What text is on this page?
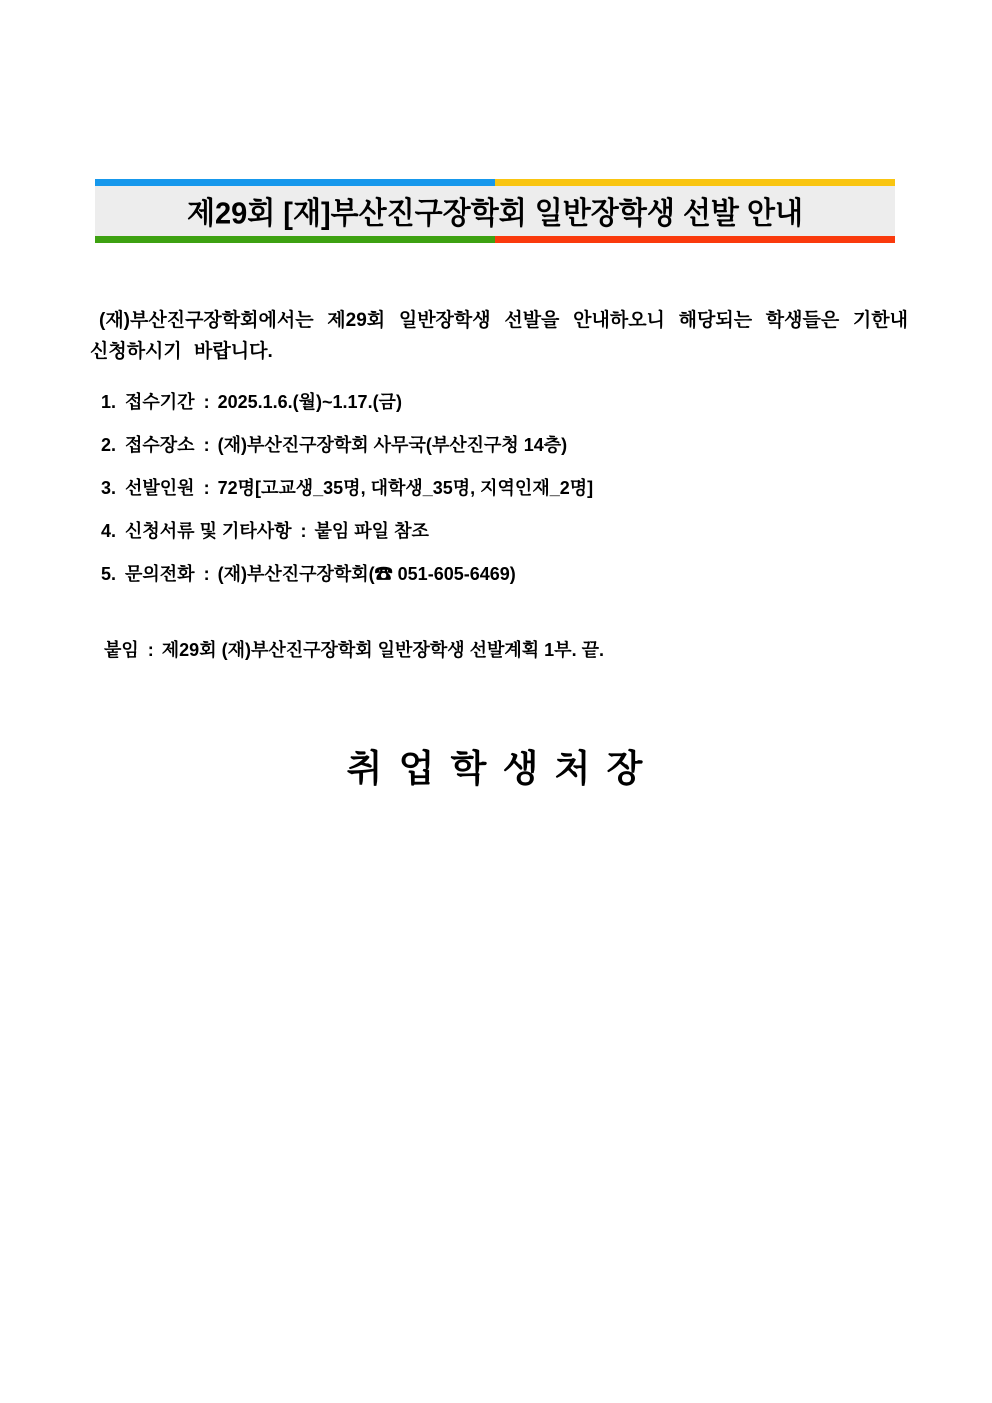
제29회 [재]부산진구장학회 일반장학생 선발 안내

(재)부산진구장학회에서는 제29회 일반장학생 선발을 안내하오니 해당되는 학생들은 기한내 신청하시기 바랍니다.

1. 접수기간 : 2025.1.6.(월)~1.17.(금)
2. 접수장소 : (재)부산진구장학회 사무국(부산진구청 14층)
3. 선발인원 : 72명[고교생_35명, 대학생_35명, 지역인재_2명]
4. 신청서류 및 기타사항 : 붙임 파일 참조
5. 문의전화 : (재)부산진구장학회(☎ 051-605-6469)
붙임 : 제29회 (재)부산진구장학회 일반장학생 선발계획 1부. 끝.
취 업 학 생 처 장
